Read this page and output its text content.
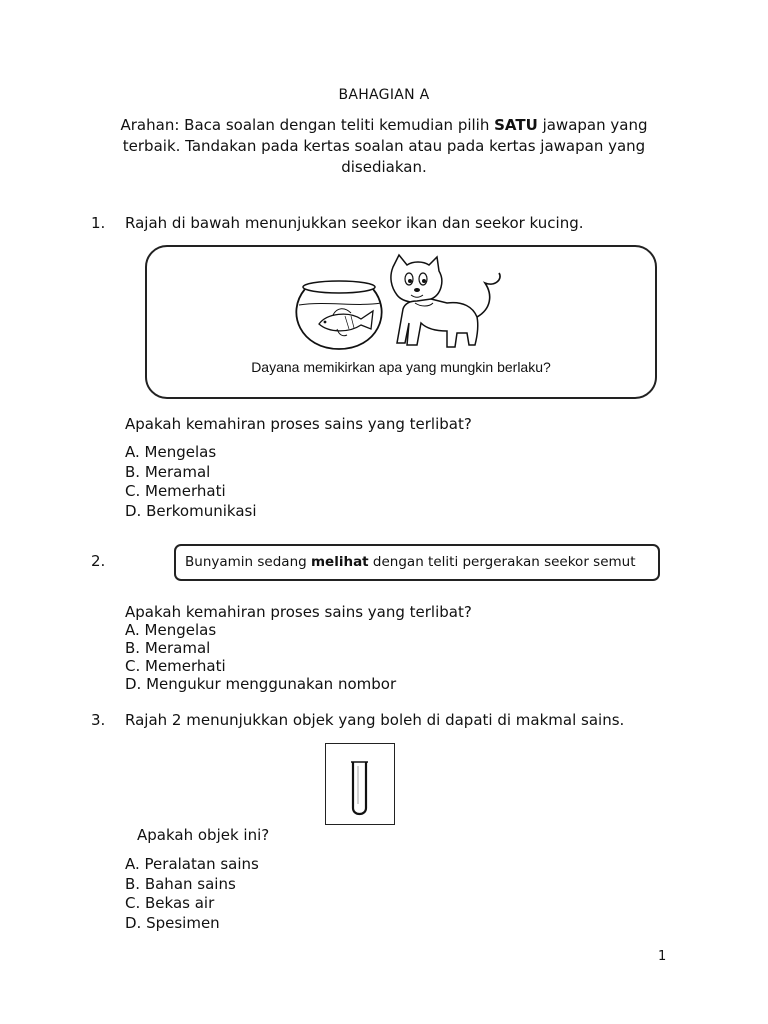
BAHAGIAN A
Arahan: Baca soalan dengan teliti kemudian pilih SATU jawapan yang terbaik. Tandakan pada kertas soalan atau pada kertas jawapan yang disediakan.
1. Rajah di bawah menunjukkan seekor ikan dan seekor kucing.
Dayana memikirkan apa yang mungkin berlaku?
Apakah kemahiran proses sains yang terlibat?
A. Mengelas
B. Meramal
C. Memerhati
D. Berkomunikasi
2.	Bunyamin sedang melihat dengan teliti pergerakan seekor semut
Apakah kemahiran proses sains yang terlibat?
A. Mengelas
B. Meramal
C. Memerhati
D. Mengukur menggunakan nombor
3. Rajah 2 menunjukkan objek yang boleh di dapati di makmal sains.
Apakah objek ini?
A. Peralatan sains
B. Bahan sains
C. Bekas air
D. Spesimen
1
